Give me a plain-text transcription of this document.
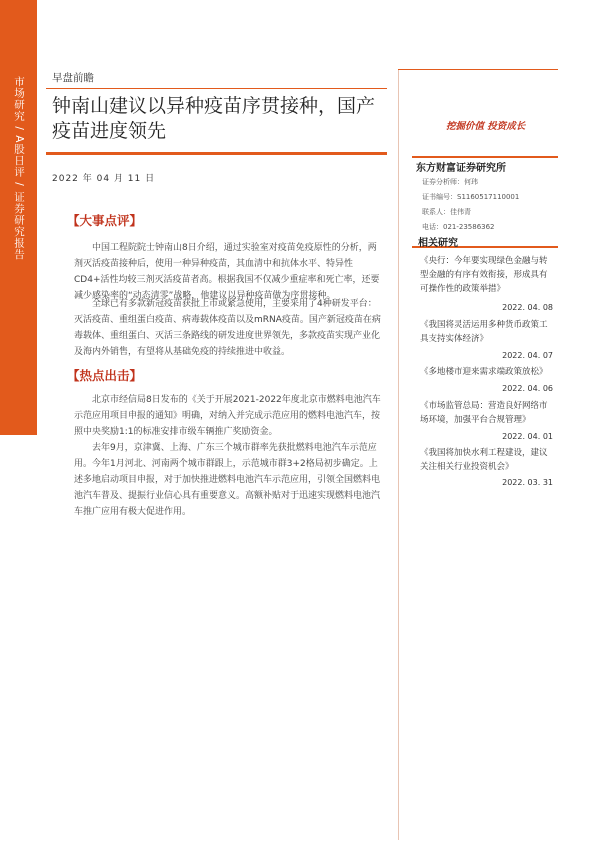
市场研究 / A股日评 / 证券研究报告	早盘前瞻
钟南山建议以异种疫苗序贯接种，国产疫苗进度领先
2022 年 04 月 11 日
挖掘价值 投资成长
【大事点评】

中国工程院院士钟南山8日介绍，通过实验室对疫苗免疫原性的分析，两剂灭活疫苗接种后，使用一种异种疫苗，其血清中和抗体水平、特异性CD4+活性均较三剂灭活疫苗者高。根据我国不仅减少重症率和死亡率，还要减少感染率的“动态清零”战略，他建议以异种疫苗做为序贯接种。

全球已有多款新冠疫苗获批上市或紧急使用，主要采用了4种研发平台：灭活疫苗、重组蛋白疫苗、病毒载体疫苗以及mRNA疫苗。国产新冠疫苗在病毒载体、重组蛋白、灭活三条路线的研发进度世界领先，多款疫苗实现产业化及海内外销售，有望将从基础免疫的持续推进中收益。

【热点出击】

北京市经信局8日发布的《关于开展2021-2022年度北京市燃料电池汽车示范应用项目申报的通知》明确，对纳入并完成示范应用的燃料电池汽车，按照中央奖励1:1的标准安排市级车辆推广奖励资金。

去年9月，京津冀、上海、广东三个城市群率先获批燃料电池汽车示范应用。今年1月河北、河南两个城市群跟上，示范城市群3+2格局初步确定。上述多地启动项目申报，对于加快推进燃料电池汽车示范应用，引领全国燃料电池汽车普及、提振行业信心具有重要意义。高额补贴对于迅速实现燃料电池汽车推广应用有极大促进作用。

东方财富证券研究所
证券分析师：何玮
证书编号：S1160517110001
联系人：佳伟青
电话：021-23586362
相关研究
《央行：今年要实现绿色金融与转型金融的有序有效衔接，形成具有可操作性的政策举措》
2022. 04. 08
《我国将灵活运用多种货币政策工具支持实体经济》
2022. 04. 07
《多地楼市迎来需求端政策放松》
2022. 04. 06
《市场监管总局：营造良好网络市场环境，加强平台合规管理》
2022. 04. 01
《我国将加快水利工程建设，建议关注相关行业投资机会》
2022. 03. 31
